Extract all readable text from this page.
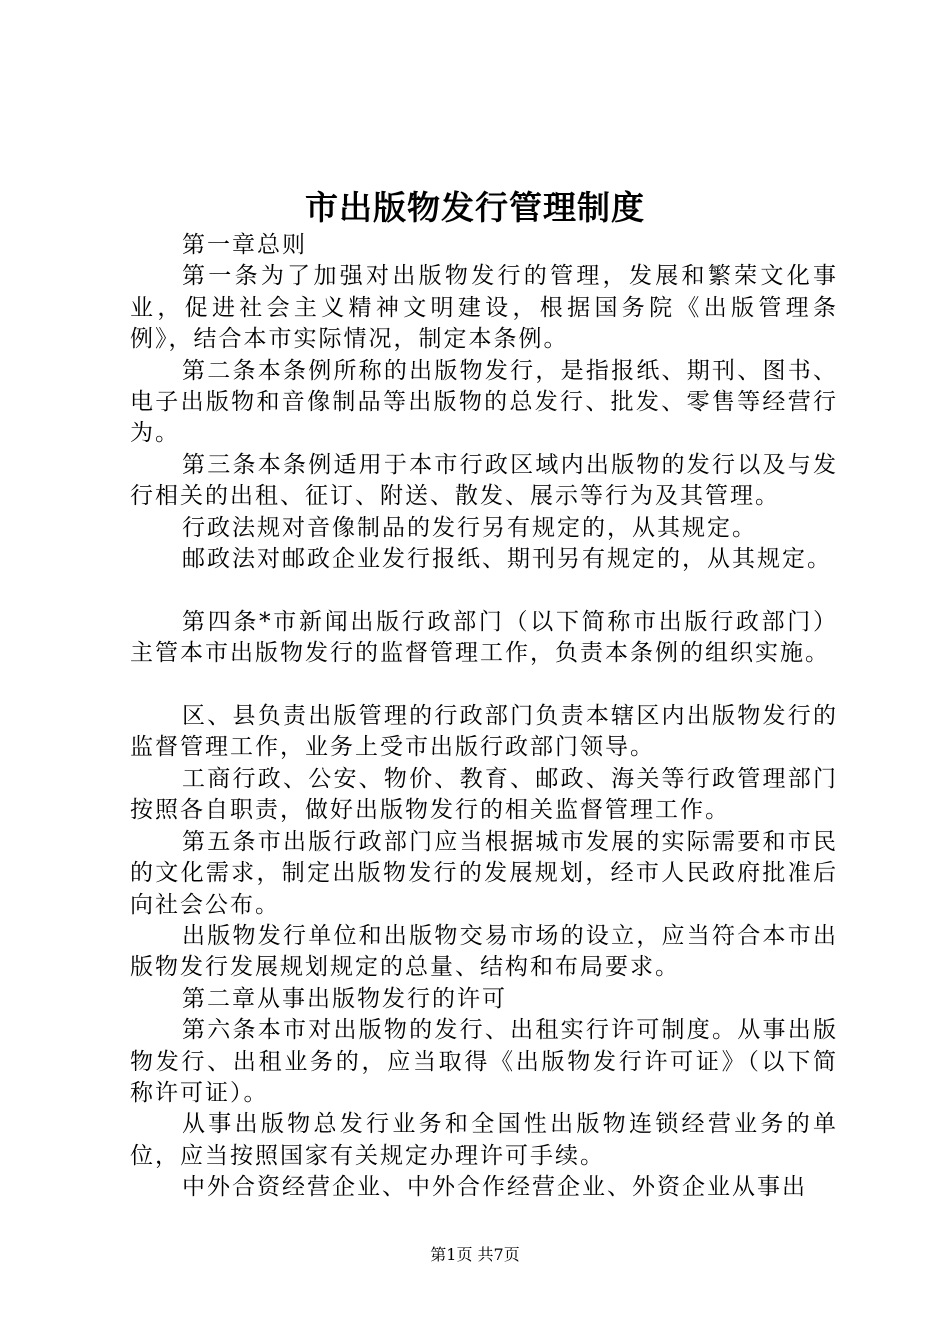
市出版物发行管理制度

第一章总则

第一条为了加强对出版物发行的管理，发展和繁荣文化事业，促进社会主义精神文明建设，根据国务院《出版管理条例》，结合本市实际情况，制定本条例。

第二条本条例所称的出版物发行，是指报纸、期刊、图书、电子出版物和音像制品等出版物的总发行、批发、零售等经营行为。

第三条本条例适用于本市行政区域内出版物的发行以及与发行相关的出租、征订、附送、散发、展示等行为及其管理。

行政法规对音像制品的发行另有规定的，从其规定。

邮政法对邮政企业发行报纸、期刊另有规定的，从其规定。

第四条*市新闻出版行政部门（以下简称市出版行政部门）主管本市出版物发行的监督管理工作，负责本条例的组织实施。

区、县负责出版管理的行政部门负责本辖区内出版物发行的监督管理工作，业务上受市出版行政部门领导。

工商行政、公安、物价、教育、邮政、海关等行政管理部门按照各自职责，做好出版物发行的相关监督管理工作。

第五条市出版行政部门应当根据城市发展的实际需要和市民的文化需求，制定出版物发行的发展规划，经市人民政府批准后向社会公布。

出版物发行单位和出版物交易市场的设立，应当符合本市出版物发行发展规划规定的总量、结构和布局要求。

第二章从事出版物发行的许可

第六条本市对出版物的发行、出租实行许可制度。从事出版物发行、出租业务的，应当取得《出版物发行许可证》（以下简称许可证）。

从事出版物总发行业务和全国性出版物连锁经营业务的单位，应当按照国家有关规定办理许可手续。

中外合资经营企业、中外合作经营企业、外资企业从事出

第1页 共7页
